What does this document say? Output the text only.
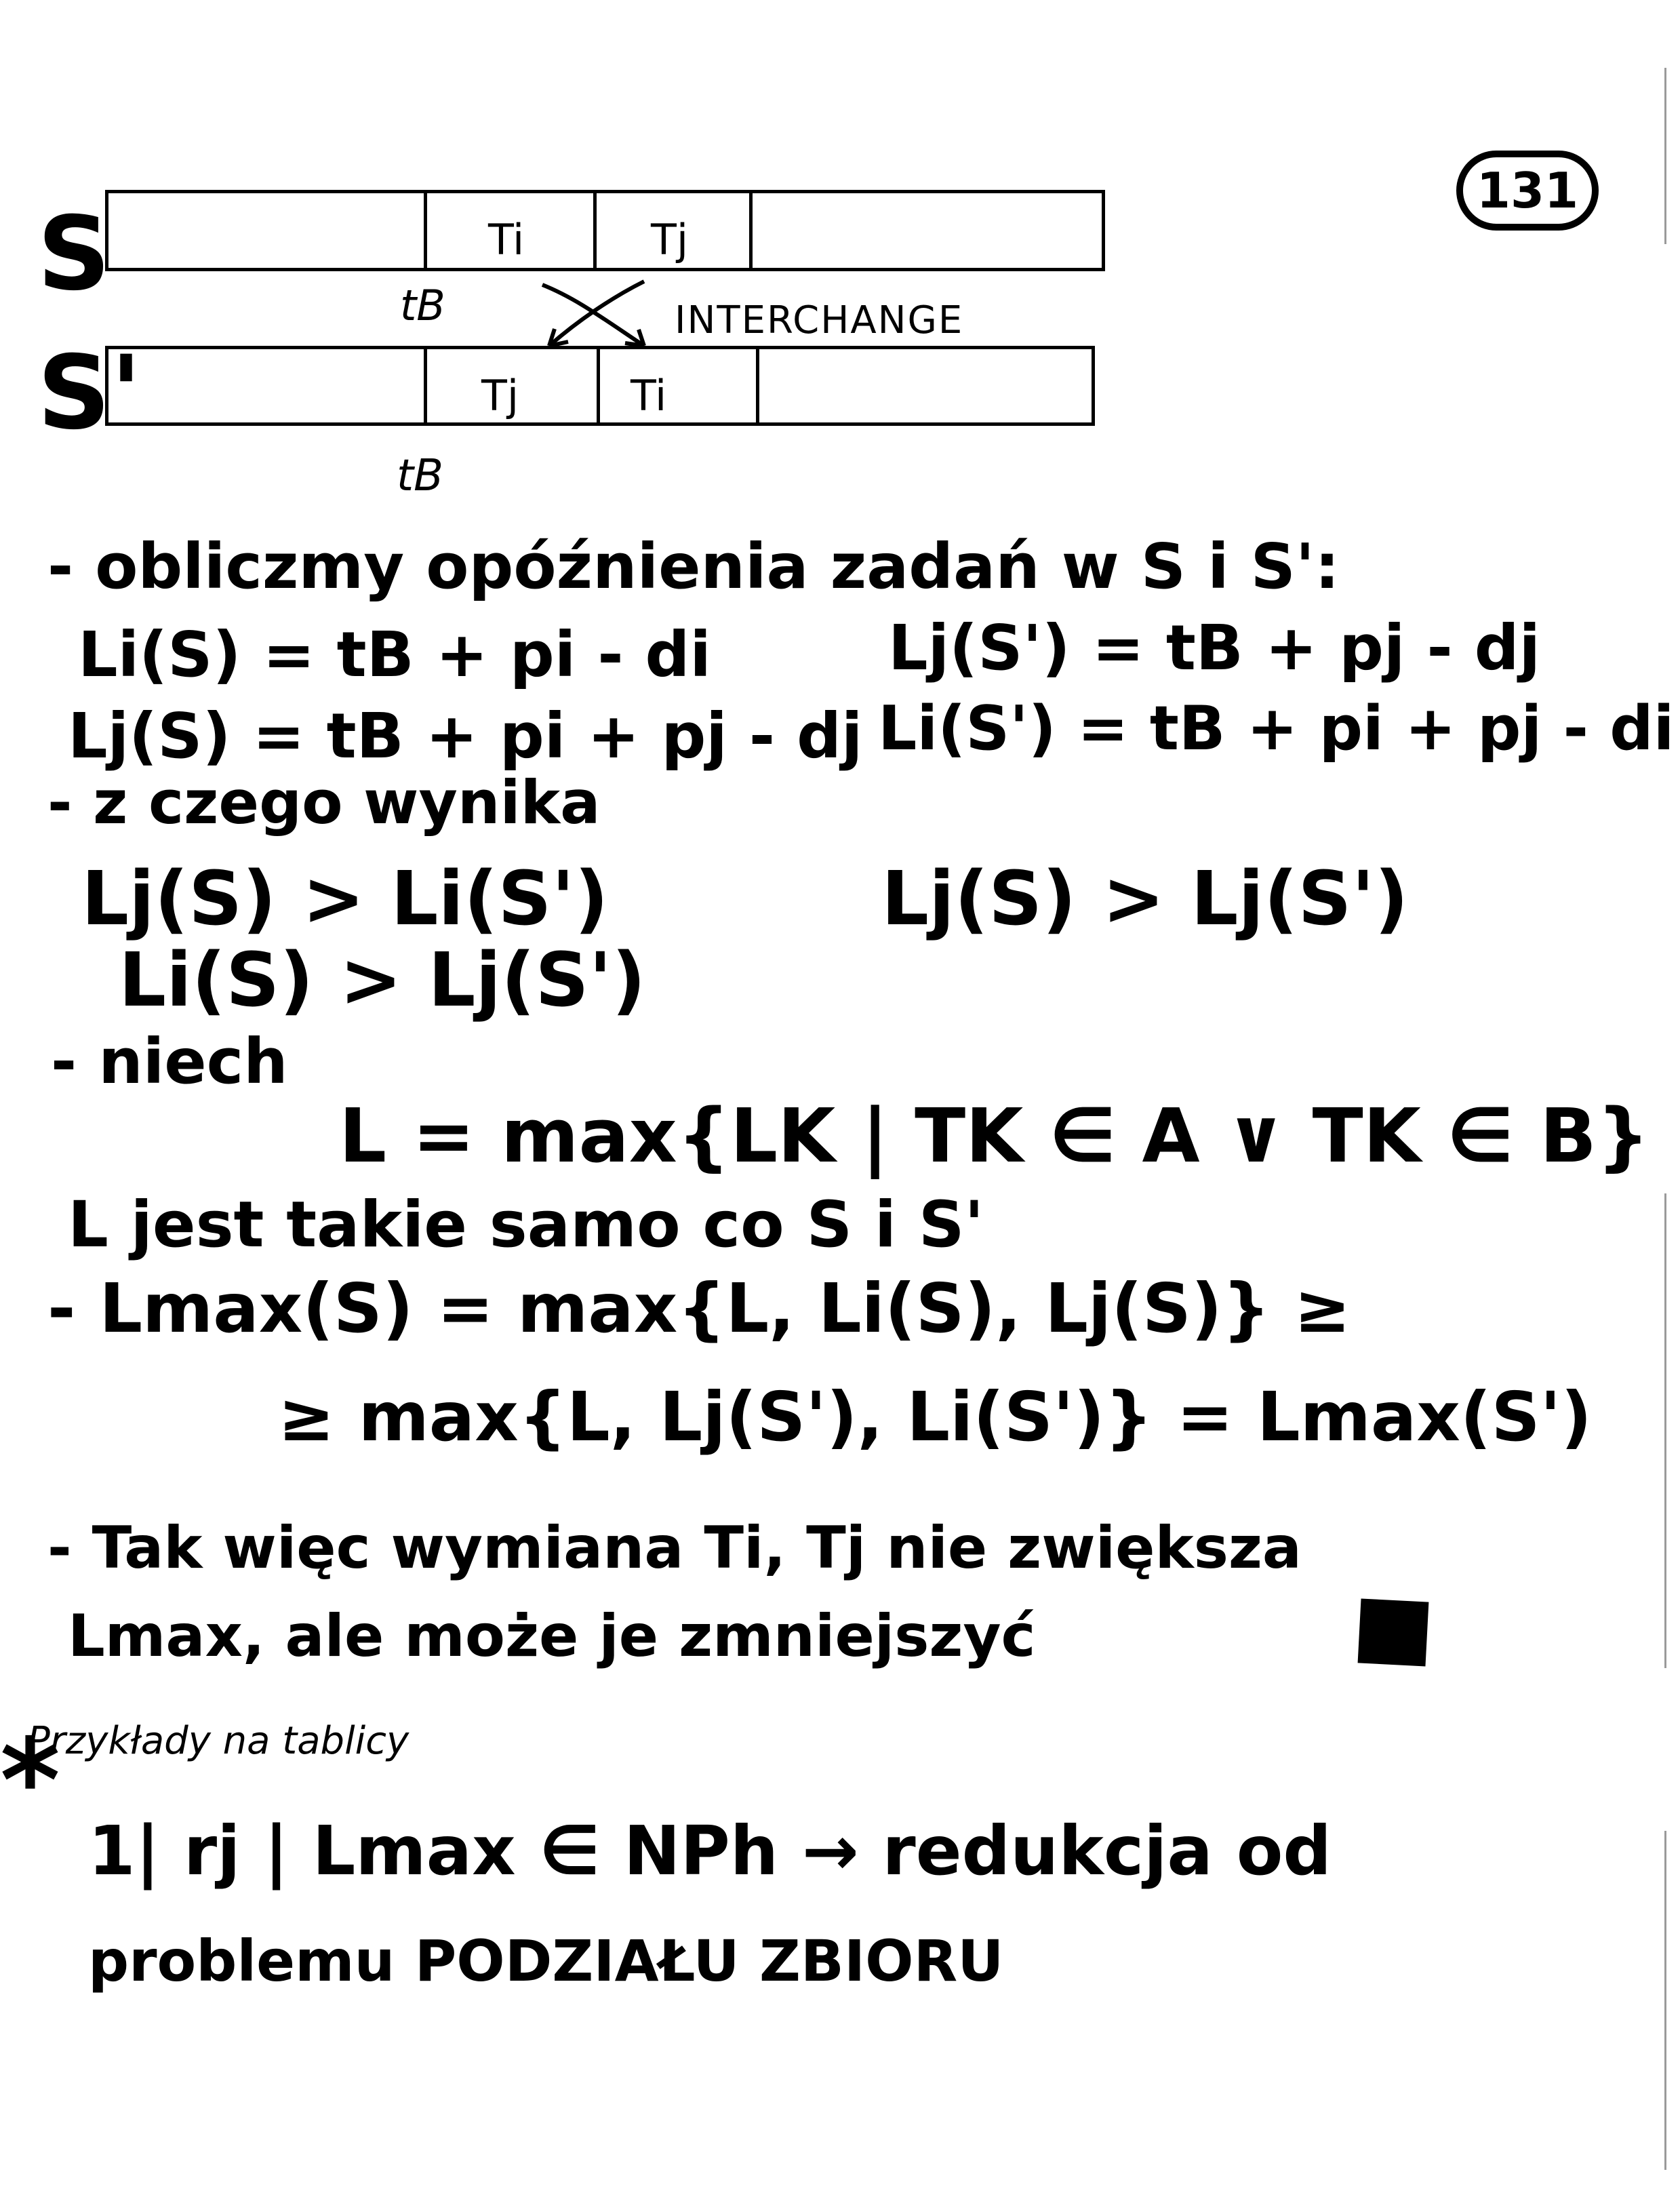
131
S	Ti	Tj
tB	INTERCHANGE
S'	Tj	Ti
tB
- obliczmy opóźnienia zadań w S i S':
Li(S) = tB + pi - di	Lj(S') = tB + pj - dj
Lj(S) = tB + pi + pj - dj Li(S') = tB + pi + pj - di
- z czego wynika
Lj(S) > Li(S')	Lj(S) > Lj(S')
Li(S) > Lj(S')
- niech
L = max{LK | TK ∈ A ∨ TK ∈ B}
L jest takie samo co S i S'
- Lmax(S) = max{L, Li(S), Lj(S)} ≥
≥ max{L, Lj(S'), Li(S')} = Lmax(S')
- Tak więc wymiana Ti, Tj nie zwiększa
Lmax, ale może je zmniejszyć
Przykłady na tablicy
*
1| rj | Lmax ∈ NPh → redukcja od
problemu PODZIAŁU ZBIORU
